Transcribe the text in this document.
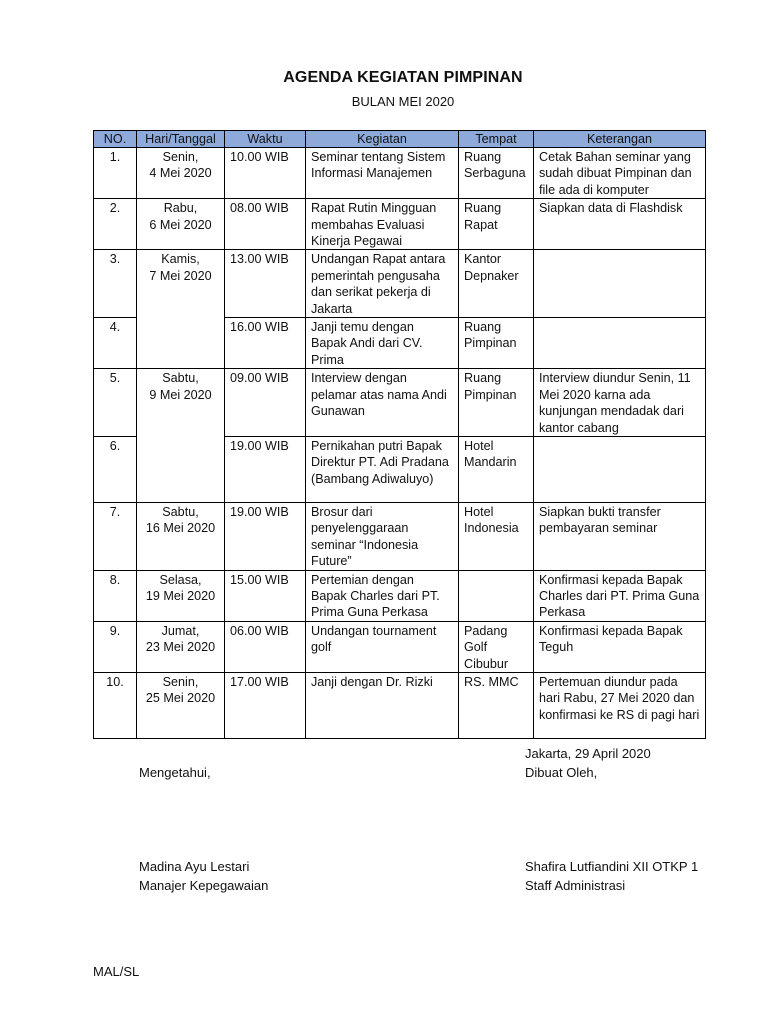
AGENDA KEGIATAN PIMPINAN
BULAN MEI 2020
NO.	Hari/Tanggal	Waktu	Kegiatan	Tempat	Keterangan
1.	Senin,
4 Mei 2020	10.00 WIB	Seminar tentang Sistem Informasi Manajemen	Ruang Serbaguna	Cetak Bahan seminar yang sudah dibuat Pimpinan dan file ada di komputer
2.	Rabu,
6 Mei 2020	08.00 WIB	Rapat Rutin Mingguan membahas Evaluasi Kinerja Pegawai	Ruang Rapat	Siapkan data di Flashdisk
3.	Kamis,
7 Mei 2020	13.00 WIB	Undangan Rapat antara pemerintah pengusaha dan serikat pekerja di Jakarta	Kantor Depnaker	
4.		16.00 WIB	Janji temu dengan Bapak Andi dari CV. Prima	Ruang Pimpinan	
5.	Sabtu,
9 Mei 2020	09.00 WIB	Interview dengan pelamar atas nama Andi Gunawan	Ruang Pimpinan	Interview diundur Senin, 11 Mei 2020 karna ada kunjungan mendadak dari kantor cabang
6.		19.00 WIB	Pernikahan putri Bapak Direktur PT. Adi Pradana (Bambang Adiwaluyo)	Hotel Mandarin	
7.	Sabtu,
16 Mei 2020	19.00 WIB	Brosur dari penyelenggaraan seminar “Indonesia Future”	Hotel Indonesia	Siapkan bukti transfer pembayaran seminar
8.	Selasa,
19 Mei 2020	15.00 WIB	Pertemian dengan Bapak Charles dari PT. Prima Guna Perkasa		Konfirmasi kepada Bapak Charles dari PT. Prima Guna Perkasa
9.	Jumat,
23 Mei 2020	06.00 WIB	Undangan tournament golf	Padang Golf Cibubur	Konfirmasi kepada Bapak Teguh
10.	Senin,
25 Mei 2020	17.00 WIB	Janji dengan Dr. Rizki	RS. MMC	Pertemuan diundur pada hari Rabu, 27 Mei 2020 dan konfirmasi ke RS di pagi hari
Jakarta, 29 April 2020
Mengetahui,	Dibuat Oleh,
Madina Ayu Lestari
Manajer Kepegawaian
Shafira Lutfiandini XII OTKP 1
Staff Administrasi
MAL/SL
